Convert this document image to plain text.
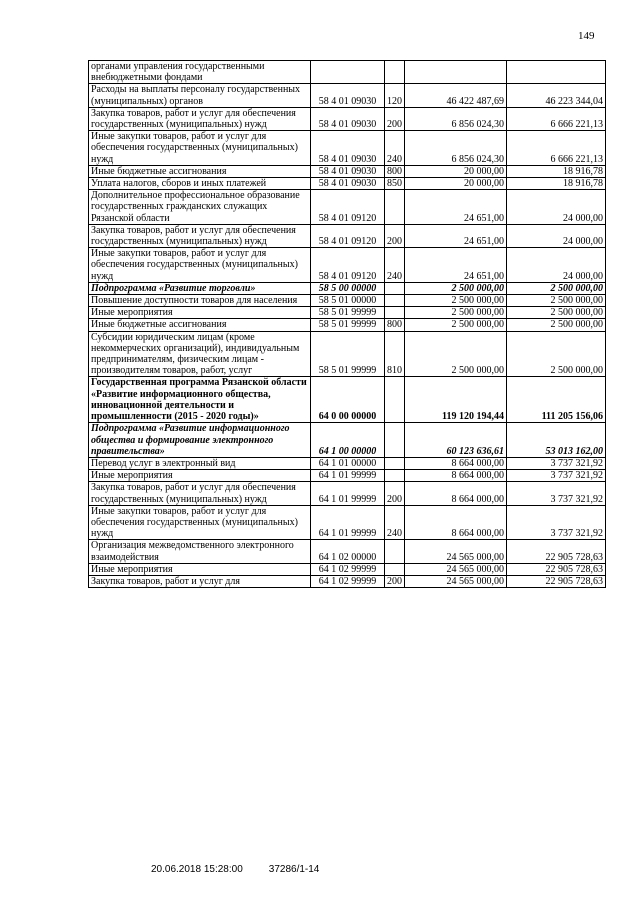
149
органами управления государственными внебюджетными фондами				
Расходы на выплаты персоналу государственных (муниципальных) органов	58 4 01 09030	120	46 422 487,69	46 223 344,04
Закупка товаров, работ и услуг для обеспечения государственных (муниципальных) нужд	58 4 01 09030	200	6 856 024,30	6 666 221,13
Иные закупки товаров, работ и услуг для обеспечения государственных (муниципальных) нужд	58 4 01 09030	240	6 856 024,30	6 666 221,13
Иные бюджетные ассигнования	58 4 01 09030	800	20 000,00	18 916,78
Уплата налогов, сборов и иных платежей	58 4 01 09030	850	20 000,00	18 916,78
Дополнительное профессиональное образование государственных гражданских служащих Рязанской области	58 4 01 09120		24 651,00	24 000,00
Закупка товаров, работ и услуг для обеспечения государственных (муниципальных) нужд	58 4 01 09120	200	24 651,00	24 000,00
Иные закупки товаров, работ и услуг для обеспечения государственных (муниципальных) нужд	58 4 01 09120	240	24 651,00	24 000,00
Подпрограмма «Развитие торговли»	58 5 00 00000		2 500 000,00	2 500 000,00
Повышение доступности товаров для населения	58 5 01 00000		2 500 000,00	2 500 000,00
Иные мероприятия	58 5 01 99999		2 500 000,00	2 500 000,00
Иные бюджетные ассигнования	58 5 01 99999	800	2 500 000,00	2 500 000,00
Субсидии юридическим лицам (кроме некоммерческих организаций), индивидуальным предпринимателям, физическим лицам - производителям товаров, работ, услуг	58 5 01 99999	810	2 500 000,00	2 500 000,00
Государственная программа Рязанской области «Развитие информационного общества, инновационной деятельности и промышленности (2015 - 2020 годы)»	64 0 00 00000		119 120 194,44	111 205 156,06
Подпрограмма «Развитие информационного общества и формирование электронного правительства»	64 1 00 00000		60 123 636,61	53 013 162,00
Перевод услуг в электронный вид	64 1 01 00000		8 664 000,00	3 737 321,92
Иные мероприятия	64 1 01 99999		8 664 000,00	3 737 321,92
Закупка товаров, работ и услуг для обеспечения государственных (муниципальных) нужд	64 1 01 99999	200	8 664 000,00	3 737 321,92
Иные закупки товаров, работ и услуг для обеспечения государственных (муниципальных) нужд	64 1 01 99999	240	8 664 000,00	3 737 321,92
Организация межведомственного электронного взаимодействия	64 1 02 00000		24 565 000,00	22 905 728,63
Иные мероприятия	64 1 02 99999		24 565 000,00	22 905 728,63
Закупка товаров, работ и услуг для	64 1 02 99999	200	24 565 000,00	22 905 728,63
20.06.2018 15:28:00	37286/1-14
